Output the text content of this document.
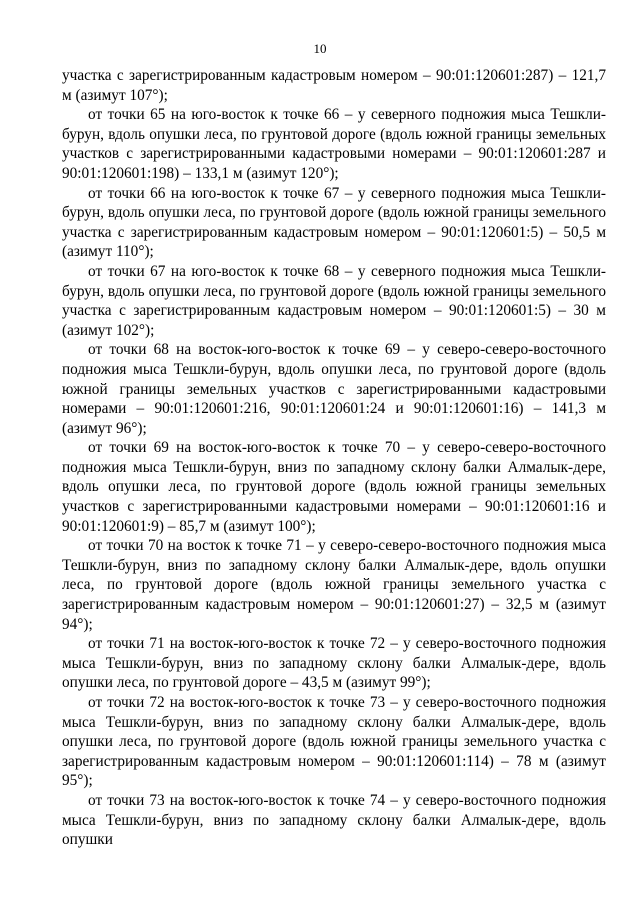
10

участка с зарегистрированным кадастровым номером – 90:01:120601:287) – 121,7 м (азимут 107°);

от точки 65 на юго-восток к точке 66 – у северного подножия мыса Тешкли-бурун, вдоль опушки леса, по грунтовой дороге (вдоль южной границы земельных участков с зарегистрированными кадастровыми номерами – 90:01:120601:287 и 90:01:120601:198) – 133,1 м (азимут 120°);

от точки 66 на юго-восток к точке 67 – у северного подножия мыса Тешкли-бурун, вдоль опушки леса, по грунтовой дороге (вдоль южной границы земельного участка с зарегистрированным кадастровым номером – 90:01:120601:5) – 50,5 м (азимут 110°);

от точки 67 на юго-восток к точке 68 – у северного подножия мыса Тешкли-бурун, вдоль опушки леса, по грунтовой дороге (вдоль южной границы земельного участка с зарегистрированным кадастровым номером – 90:01:120601:5) – 30 м (азимут 102°);

от точки 68 на восток-юго-восток к точке 69 – у северо-северо-восточного подножия мыса Тешкли-бурун, вдоль опушки леса, по грунтовой дороге (вдоль южной границы земельных участков с зарегистрированными кадастровыми номерами – 90:01:120601:216, 90:01:120601:24 и 90:01:120601:16) – 141,3 м (азимут 96°);

от точки 69 на восток-юго-восток к точке 70 – у северо-северо-восточного подножия мыса Тешкли-бурун, вниз по западному склону балки Алмалык-дере, вдоль опушки леса, по грунтовой дороге (вдоль южной границы земельных участков с зарегистрированными кадастровыми номерами – 90:01:120601:16 и 90:01:120601:9) – 85,7 м (азимут 100°);

от точки 70 на восток к точке 71 – у северо-северо-восточного подножия мыса Тешкли-бурун, вниз по западному склону балки Алмалык-дере, вдоль опушки леса, по грунтовой дороге (вдоль южной границы земельного участка с зарегистрированным кадастровым номером – 90:01:120601:27) – 32,5 м (азимут 94°);

от точки 71 на восток-юго-восток к точке 72 – у северо-восточного подножия мыса Тешкли-бурун, вниз по западному склону балки Алмалык-дере, вдоль опушки леса, по грунтовой дороге – 43,5 м (азимут 99°);

от точки 72 на восток-юго-восток к точке 73 – у северо-восточного подножия мыса Тешкли-бурун, вниз по западному склону балки Алмалык-дере, вдоль опушки леса, по грунтовой дороге (вдоль южной границы земельного участка с зарегистрированным кадастровым номером – 90:01:120601:114) – 78 м (азимут 95°);

от точки 73 на восток-юго-восток к точке 74 – у северо-восточного подножия мыса Тешкли-бурун, вниз по западному склону балки Алмалык-дере, вдоль опушки
